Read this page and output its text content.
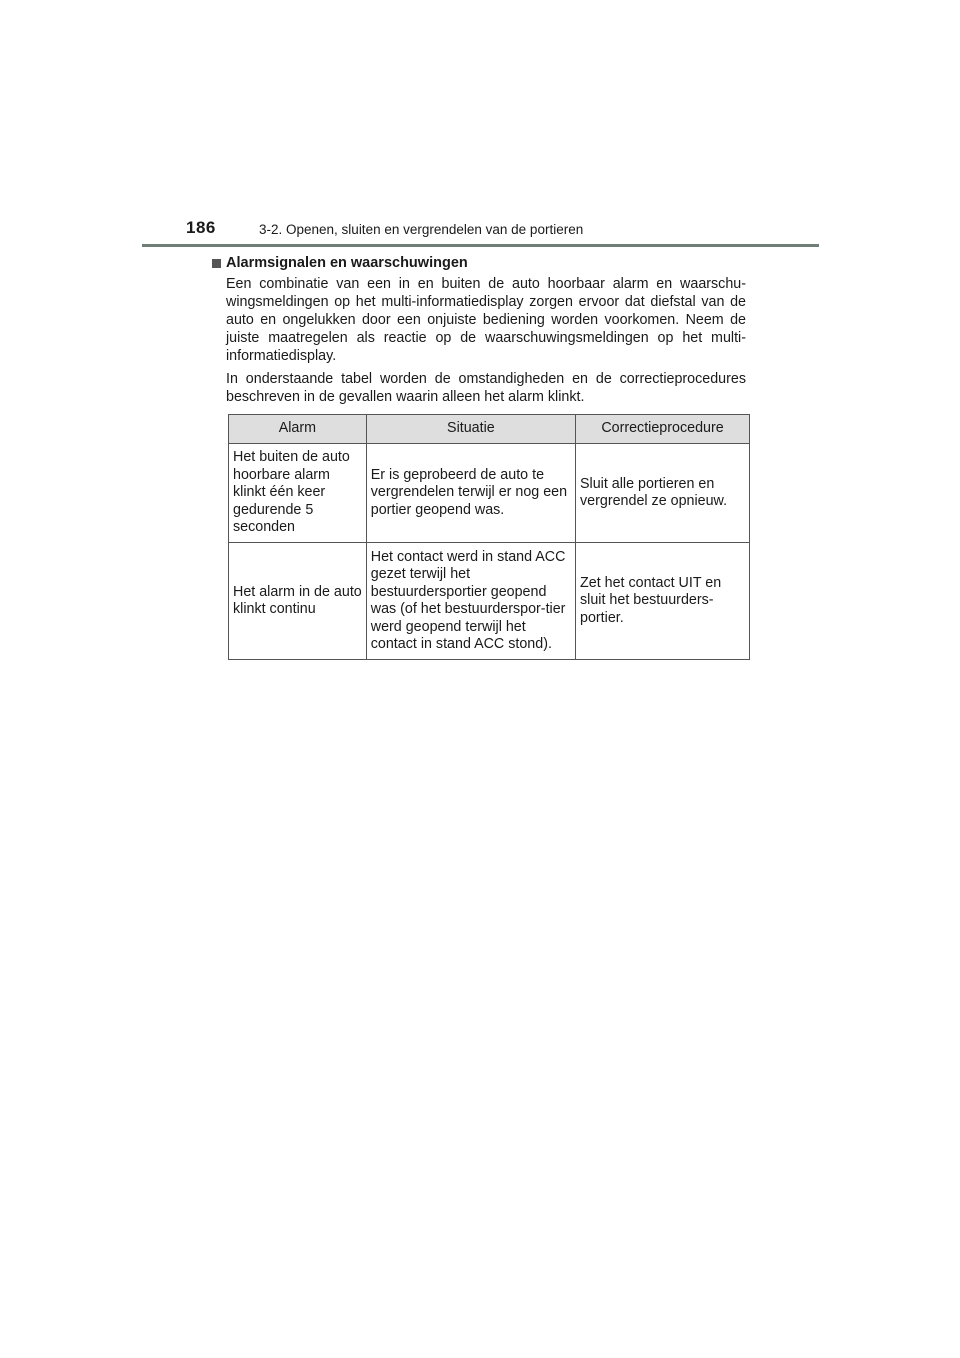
186	3-2. Openen, sluiten en vergrendelen van de portieren
Alarmsignalen en waarschuwingen
Een combinatie van een in en buiten de auto hoorbaar alarm en waarschu-wingsmeldingen op het multi-informatiedisplay zorgen ervoor dat diefstal van de auto en ongelukken door een onjuiste bediening worden voorkomen. Neem de juiste maatregelen als reactie op de waarschuwingsmeldingen op het multi-informatiedisplay.
In onderstaande tabel worden de omstandigheden en de correctieprocedures beschreven in de gevallen waarin alleen het alarm klinkt.
Alarm	Situatie	Correctieprocedure
Het buiten de auto hoorbare alarm klinkt één keer gedurende 5 seconden	Er is geprobeerd de auto te vergrendelen terwijl er nog een portier geopend was.	Sluit alle portieren en vergrendel ze opnieuw.
Het alarm in de auto klinkt continu	Het contact werd in stand ACC gezet terwijl het bestuurdersportier geopend was (of het bestuurderspor-tier werd geopend terwijl het contact in stand ACC stond).	Zet het contact UIT en sluit het bestuurders-portier.
